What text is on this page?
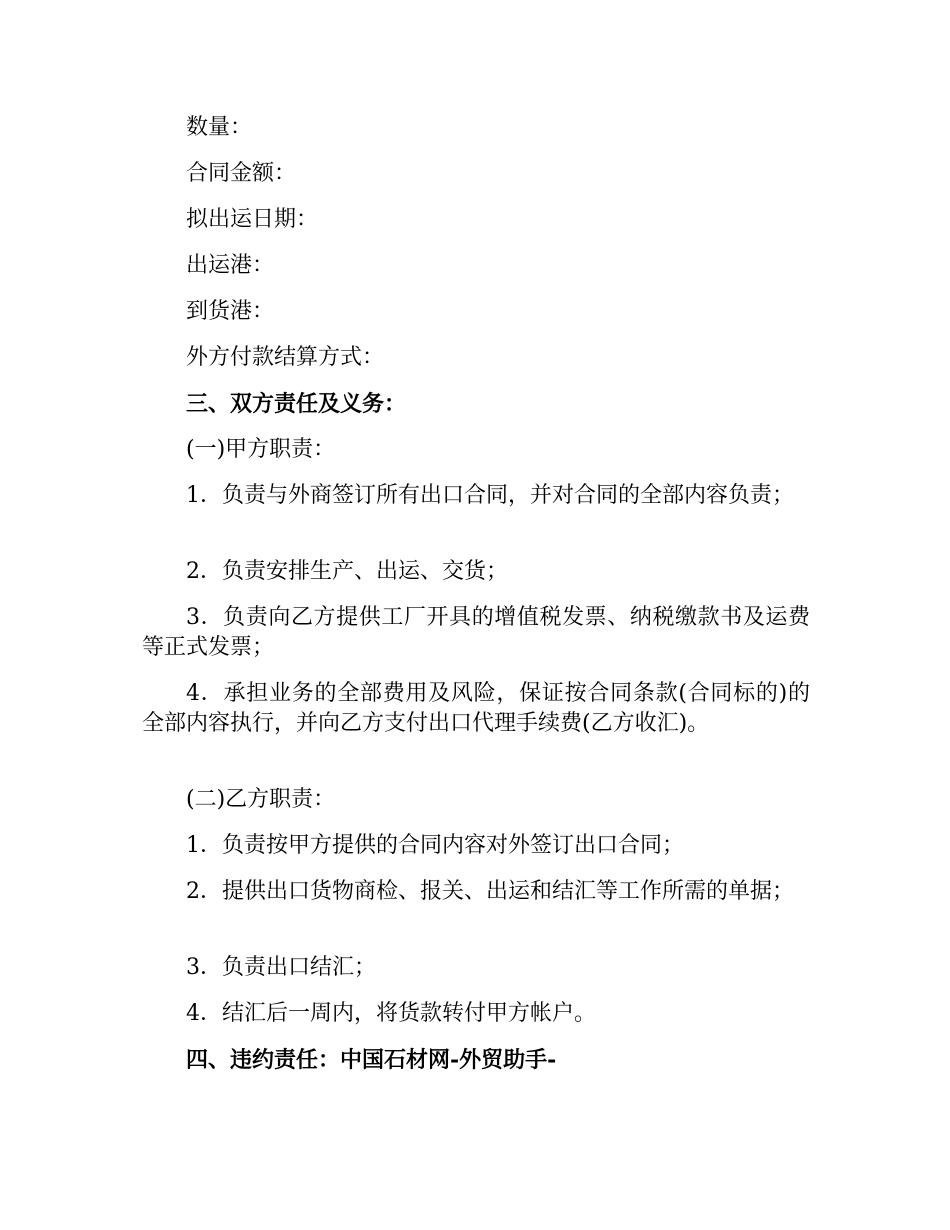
数量：
合同金额：
拟出运日期：
出运港：
到货港：
外方付款结算方式：
三、双方责任及义务：
(一)甲方职责：
1．负责与外商签订所有出口合同，并对合同的全部内容负责；
2．负责安排生产、出运、交货；
3．负责向乙方提供工厂开具的增值税发票、纳税缴款书及运费等正式发票；
4．承担业务的全部费用及风险，保证按合同条款(合同标的)的全部内容执行，并向乙方支付出口代理手续费(乙方收汇)。
(二)乙方职责：
1．负责按甲方提供的合同内容对外签订出口合同；
2．提供出口货物商检、报关、出运和结汇等工作所需的单据；
3．负责出口结汇；
4．结汇后一周内，将货款转付甲方帐户。
四、违约责任：中国石材网-外贸助手-
